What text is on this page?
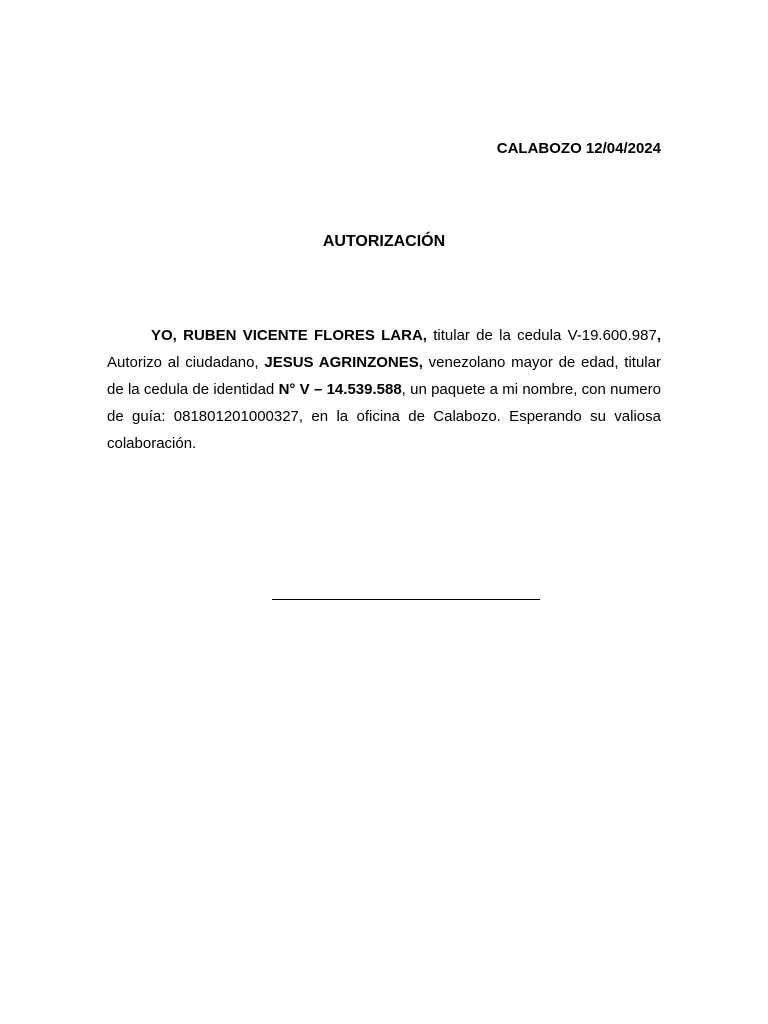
CALABOZO 12/04/2024
AUTORIZACIÓN

YO, RUBEN VICENTE FLORES LARA, titular de la cedula V-19.600.987, Autorizo al ciudadano, JESUS AGRINZONES, venezolano mayor de edad, titular de la cedula de identidad N° V – 14.539.588, un paquete a mi nombre, con numero de guía: 081801201000327, en la oficina de Calabozo. Esperando su valiosa colaboración.
